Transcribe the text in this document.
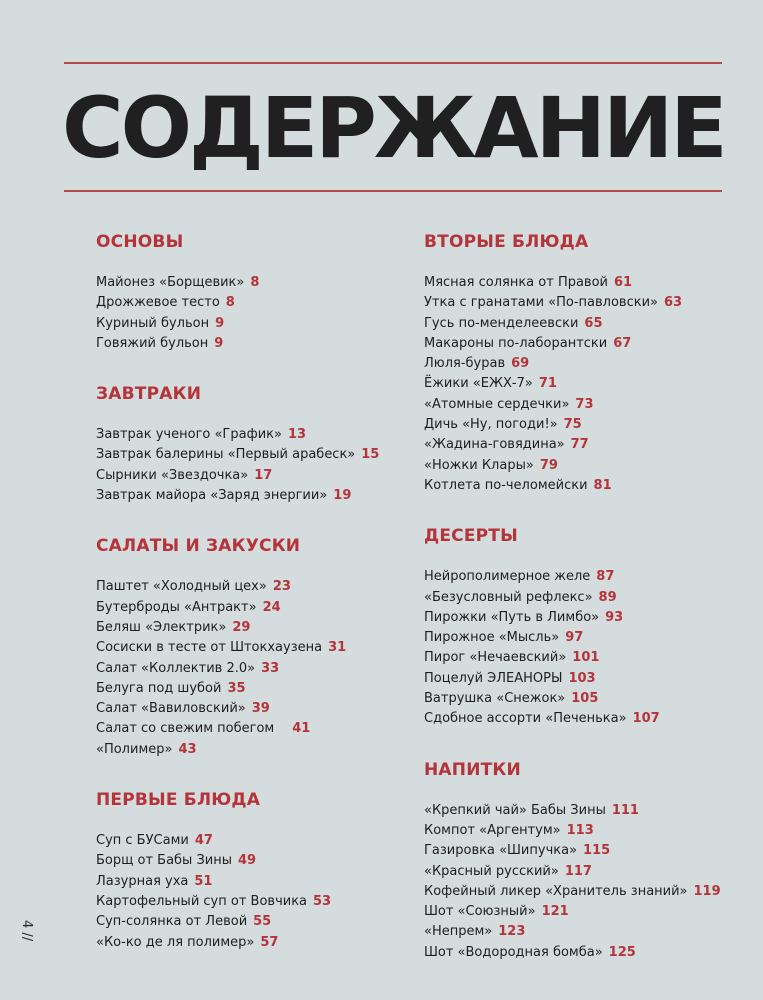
СОДЕРЖАНИЕ
ОСНОВЫ
Майонез «Борщевик» 8
Дрожжевое тесто 8
Куриный бульон 9
Говяжий бульон 9
ЗАВТРАКИ
Завтрак ученого «График» 13
Завтрак балерины «Первый арабеск» 15
Сырники «Звездочка» 17
Завтрак майора «Заряд энергии» 19
САЛАТЫ И ЗАКУСКИ
Паштет «Холодный цех» 23
Бутерброды «Антракт» 24
Беляш «Электрик» 29
Сосиски в тесте от Штокхаузена 31
Салат «Коллектив 2.0» 33
Белуга под шубой 35
Салат «Вавиловский» 39
Салат со свежим побегом 41
«Полимер» 43
ПЕРВЫЕ БЛЮДА
Суп с БУСами 47
Борщ от Бабы Зины 49
Лазурная уха 51
Картофельный суп от Вовчика 53
Суп-солянка от Левой 55
«Ко-ко де ля полимер» 57
ВТОРЫЕ БЛЮДА
Мясная солянка от Правой 61
Утка с гранатами «По-павловски» 63
Гусь по-менделеевски 65
Макароны по-лаборантски 67
Люля-бурав 69
Ёжики «ЕЖХ-7» 71
«Атомные сердечки» 73
Дичь «Ну, погоди!» 75
«Жадина-говядина» 77
«Ножки Клары» 79
Котлета по-челомейски 81
ДЕСЕРТЫ
Нейрополимерное желе 87
«Безусловный рефлекс» 89
Пирожки «Путь в Лимбо» 93
Пирожное «Мысль» 97
Пирог «Нечаевский» 101
Поцелуй ЭЛЕАНОРЫ 103
Ватрушка «Снежок» 105
Сдобное ассорти «Печенька» 107
НАПИТКИ
«Крепкий чай» Бабы Зины 111
Компот «Аргентум» 113
Газировка «Шипучка» 115
«Красный русский» 117
Кофейный ликер «Хранитель знаний» 119
Шот «Союзный» 121
«Непрем» 123
Шот «Водородная бомба» 125
4 //
